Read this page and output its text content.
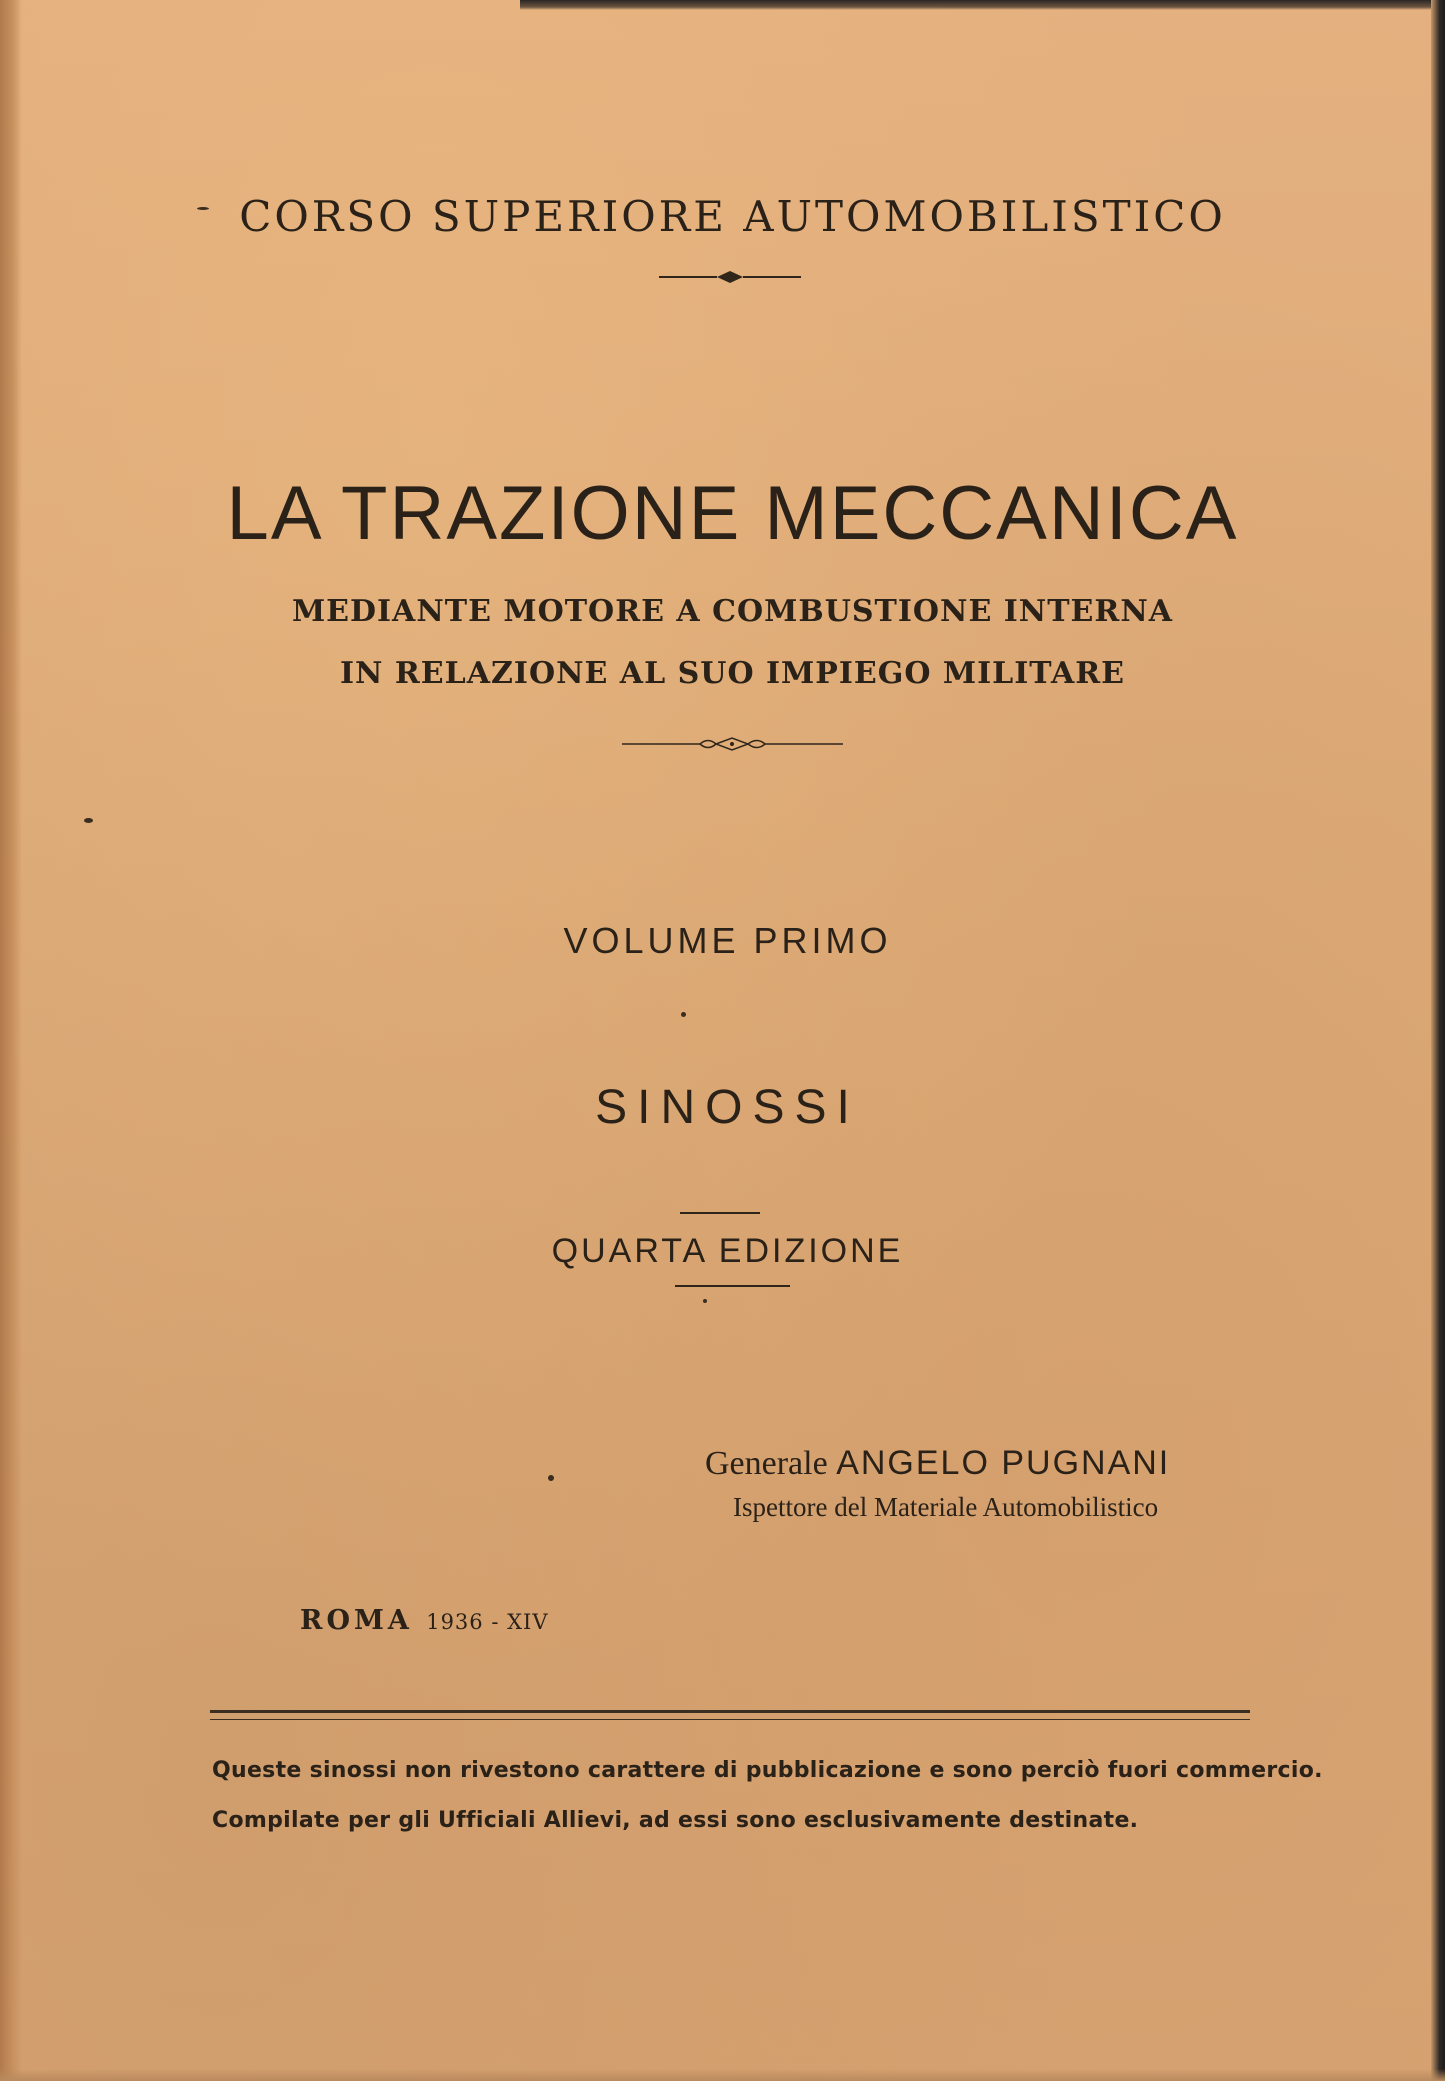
CORSO SUPERIORE AUTOMOBILISTICO
LA TRAZIONE MECCANICA
MEDIANTE MOTORE A COMBUSTIONE INTERNA
IN RELAZIONE AL SUO IMPIEGO MILITARE
VOLUME PRIMO
SINOSSI
QUARTA EDIZIONE
Generale ANGELO PUGNANI
Ispettore del Materiale Automobilistico
ROMA 1936 - XIV
Queste sinossi non rivestono carattere di pubblicazione e sono perciò fuori commercio.
Compilate per gli Ufficiali Allievi, ad essi sono esclusivamente destinate.
